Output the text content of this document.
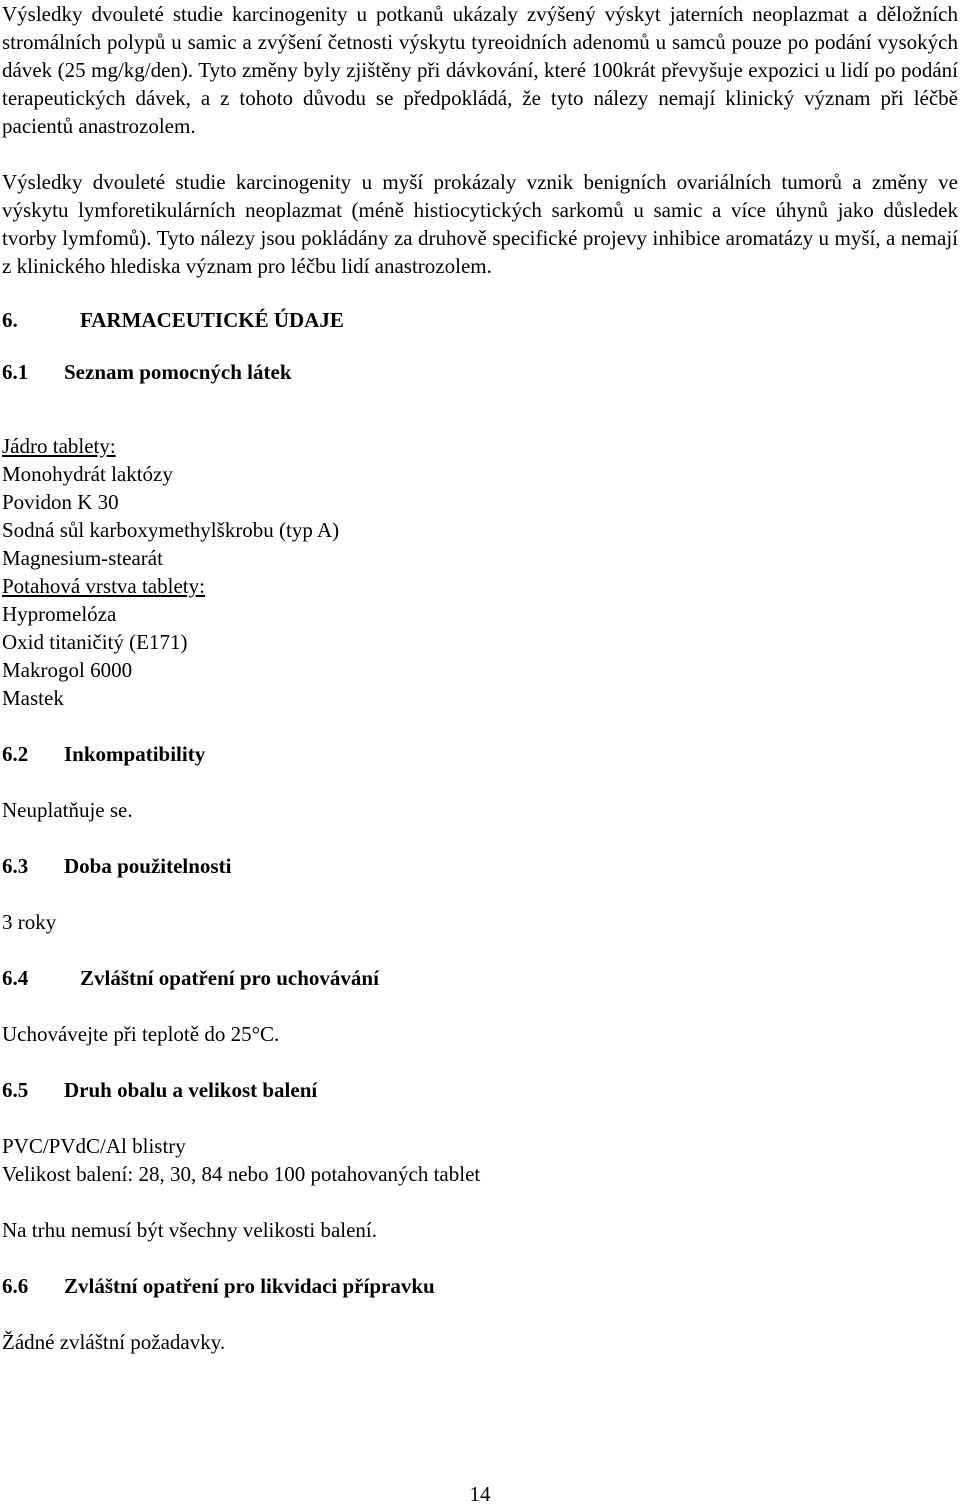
Výsledky dvouleté studie karcinogenity u potkanů ukázaly zvýšený výskyt jaterních neoplazmat a děložních stromálních polypů u samic a zvýšení četnosti výskytu tyreoidních adenomů u samců pouze po podání vysokých dávek (25 mg/kg/den). Tyto změny byly zjištěny při dávkování, které 100krát převyšuje expozici u lidí po podání terapeutických dávek, a z tohoto důvodu se předpokládá, že tyto nálezy nemají klinický význam při léčbě pacientů anastrozolem.

Výsledky dvouleté studie karcinogenity u myší prokázaly vznik benigních ovariálních tumorů a změny ve výskytu lymforetikulárních neoplazmat (méně histiocytických sarkomů u samic a více úhynů jako důsledek tvorby lymfomů). Tyto nálezy jsou pokládány za druhově specifické projevy inhibice aromatázy u myší, a nemají z klinického hlediska význam pro léčbu lidí anastrozolem.

6.	FARMACEUTICKÉ ÚDAJE

6.1 Seznam pomocných látek

Jádro tablety:

Monohydrát laktózy

Povidon K 30

Sodná sůl karboxymethylškrobu (typ A)

Magnesium-stearát

Potahová vrstva tablety:

Hypromelóza

Oxid titaničitý (E171)

Makrogol 6000

Mastek

6.2 Inkompatibility

Neuplatňuje se.

6.3 Doba použitelnosti

3 roky

6.4 Zvláštní opatření pro uchovávání

Uchovávejte při teplotě do 25°C.

6.5 Druh obalu a velikost balení

PVC/PVdC/Al blistry

Velikost balení: 28, 30, 84 nebo 100 potahovaných tablet

Na trhu nemusí být všechny velikosti balení.

6.6 Zvláštní opatření pro likvidaci přípravku

Žádné zvláštní požadavky.

14
